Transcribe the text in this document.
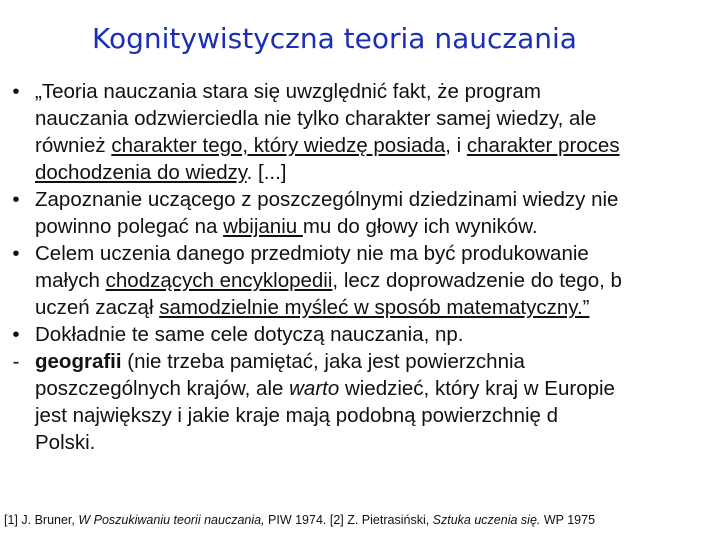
Kognitywistyczna teoria nauczania
• „Teoria nauczania stara się uwzględnić fakt, że program
nauczania odzwierciedla nie tylko charakter samej wiedzy, ale
również charakter tego, który wiedzę posiada, i charakter proces
dochodzenia do wiedzy. [...]
• Zapoznanie uczącego z poszczególnymi dziedzinami wiedzy nie
powinno polegać na wbijaniu mu do głowy ich wyników.
• Celem uczenia danego przedmioty nie ma być produkowanie
małych chodzących encyklopedii, lecz doprowadzenie do tego, b
uczeń zaczął samodzielnie myśleć w sposób matematyczny.”
• Dokładnie te same cele dotyczą nauczania, np.
- geografii (nie trzeba pamiętać, jaka jest powierzchnia
poszczególnych krajów, ale warto wiedzieć, który kraj w Europie
jest największy i jakie kraje mają podobną powierzchnię d
Polski.
[1] J. Bruner, W Poszukiwaniu teorii nauczania, PIW 1974. [2] Z. Pietrasiński, Sztuka uczenia się. WP 1975
